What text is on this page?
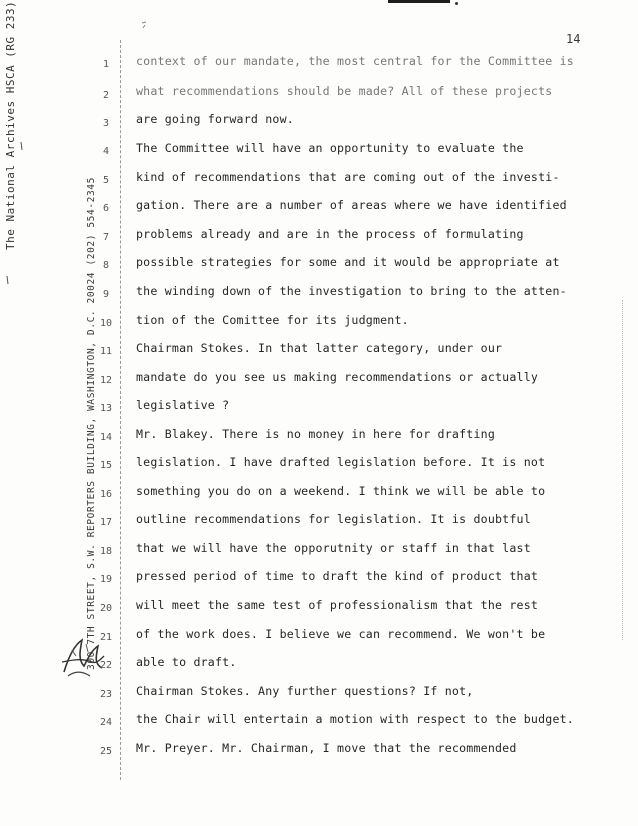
14
The National Archives HSCA (RG 233)
300 7TH STREET, S.W. REPORTERS BUILDING, WASHINGTON, D.C. 20024 (202) 554-2345
1
2
3
4
5
6
7
8
9
10
11
12
13
14
15
16
17
18
19
20
21
22
23
24
25
context of our mandate, the most central for the Committee is
what recommendations should be made? All of these projects
are going forward now.
The Committee will have an opportunity to evaluate the
kind of recommendations that are coming out of the investi-
gation. There are a number of areas where we have identified
problems already and are in the process of formulating
possible strategies for some and it would be appropriate at
the winding down of the investigation to bring to the atten-
tion of the Comittee for its judgment.
Chairman Stokes. In that latter category, under our
mandate do you see us making recommendations or actually
legislative ?
Mr. Blakey. There is no money in here for drafting
legislation. I have drafted legislation before. It is not
something you do on a weekend. I think we will be able to
outline recommendations for legislation. It is doubtful
that we will have the opporutnity or staff in that last
pressed period of time to draft the kind of product that
will meet the same test of professionalism that the rest
of the work does. I believe we can recommend. We won't be
able to draft.
Chairman Stokes. Any further questions? If not,
the Chair will entertain a motion with respect to the budget.
Mr. Preyer. Mr. Chairman, I move that the recommended
